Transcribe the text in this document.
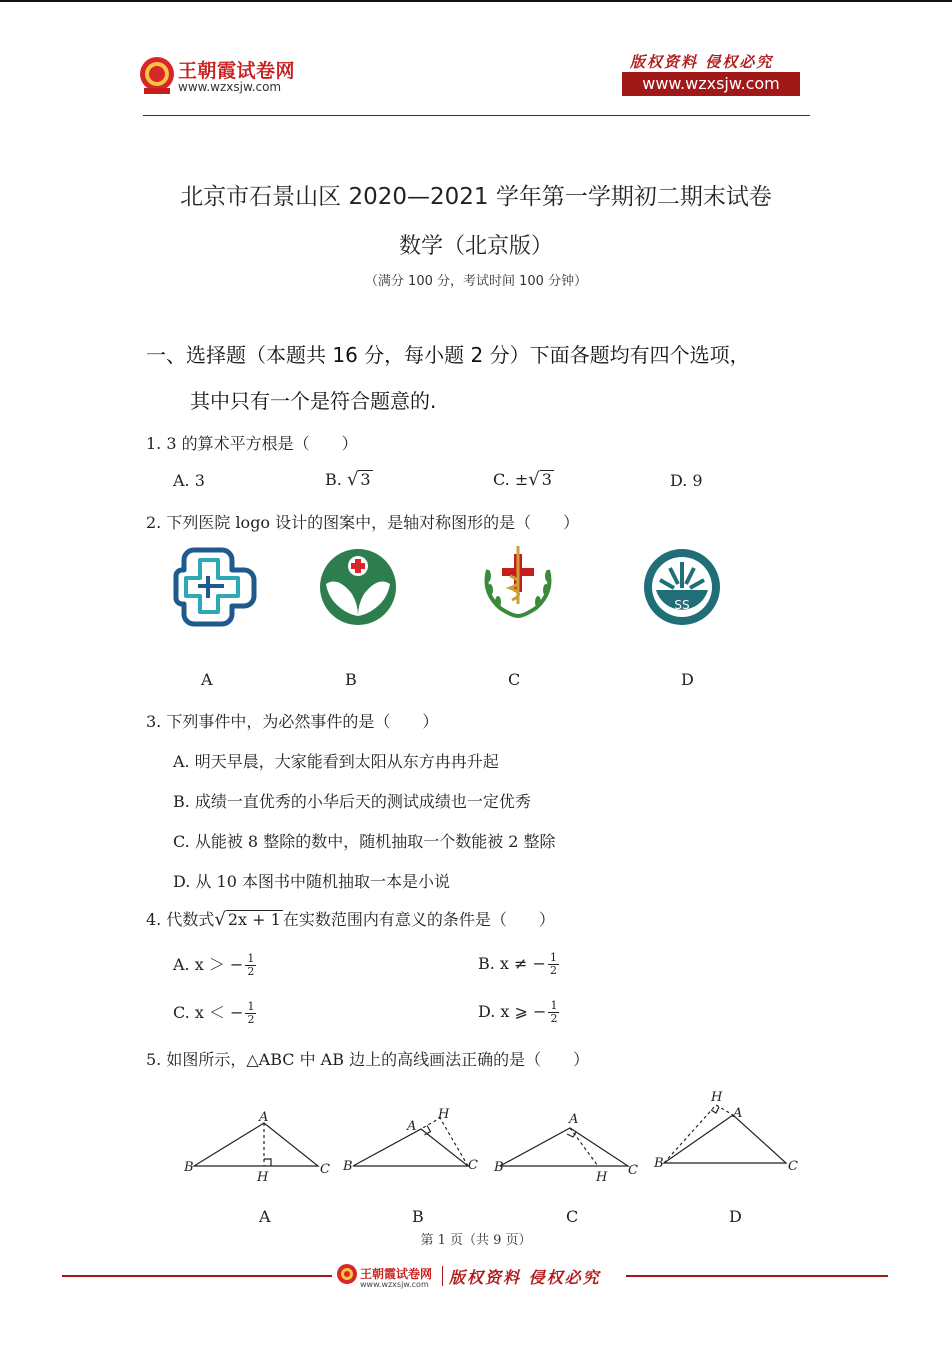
王朝霞试卷网
www.wzxsjw.com
版权资料 侵权必究
www.wzxsjw.com
北京市石景山区 2020—2021 学年第一学期初二期末试卷
数学（北京版）
（满分 100 分，考试时间 100 分钟）
一、选择题（本题共 16 分，每小题 2 分）下面各题均有四个选项，
其中只有一个是符合题意的.
1. 3 的算术平方根是（　　）
A. 3	B. √ 3	C. ±√ 3	D. 9
2. 下列医院 logo 设计的图案中，是轴对称图形的是（　　）
SS
A	B	C	D
3. 下列事件中，为必然事件的是（　　）
A. 明天早晨，大家能看到太阳从东方冉冉升起
B. 成绩一直优秀的小华后天的测试成绩也一定优秀
C. 从能被 8 整除的数中，随机抽取一个数能被 2 整除
D. 从 10 本图书中随机抽取一本是小说
4. 代数式√ 2x + 1 在实数范围内有意义的条件是（　　）
A. x ＞ − $\frac{1}{2}$	B. x ≠ − $\frac{1}{2}$
C. x ＜ − $\frac{1}{2}$	D. x ⩾ − $\frac{1}{2}$
5. 如图所示，△ABC 中 AB 边上的高线画法正确的是（　　）
A
B	C
H
A
B	C
H	A
B	C
H
A
B	C
H
A	B	C	D
第 1 页（共 9 页）
王朝霞试卷网
www.wzxsjw.com 版权资料 侵权必究
